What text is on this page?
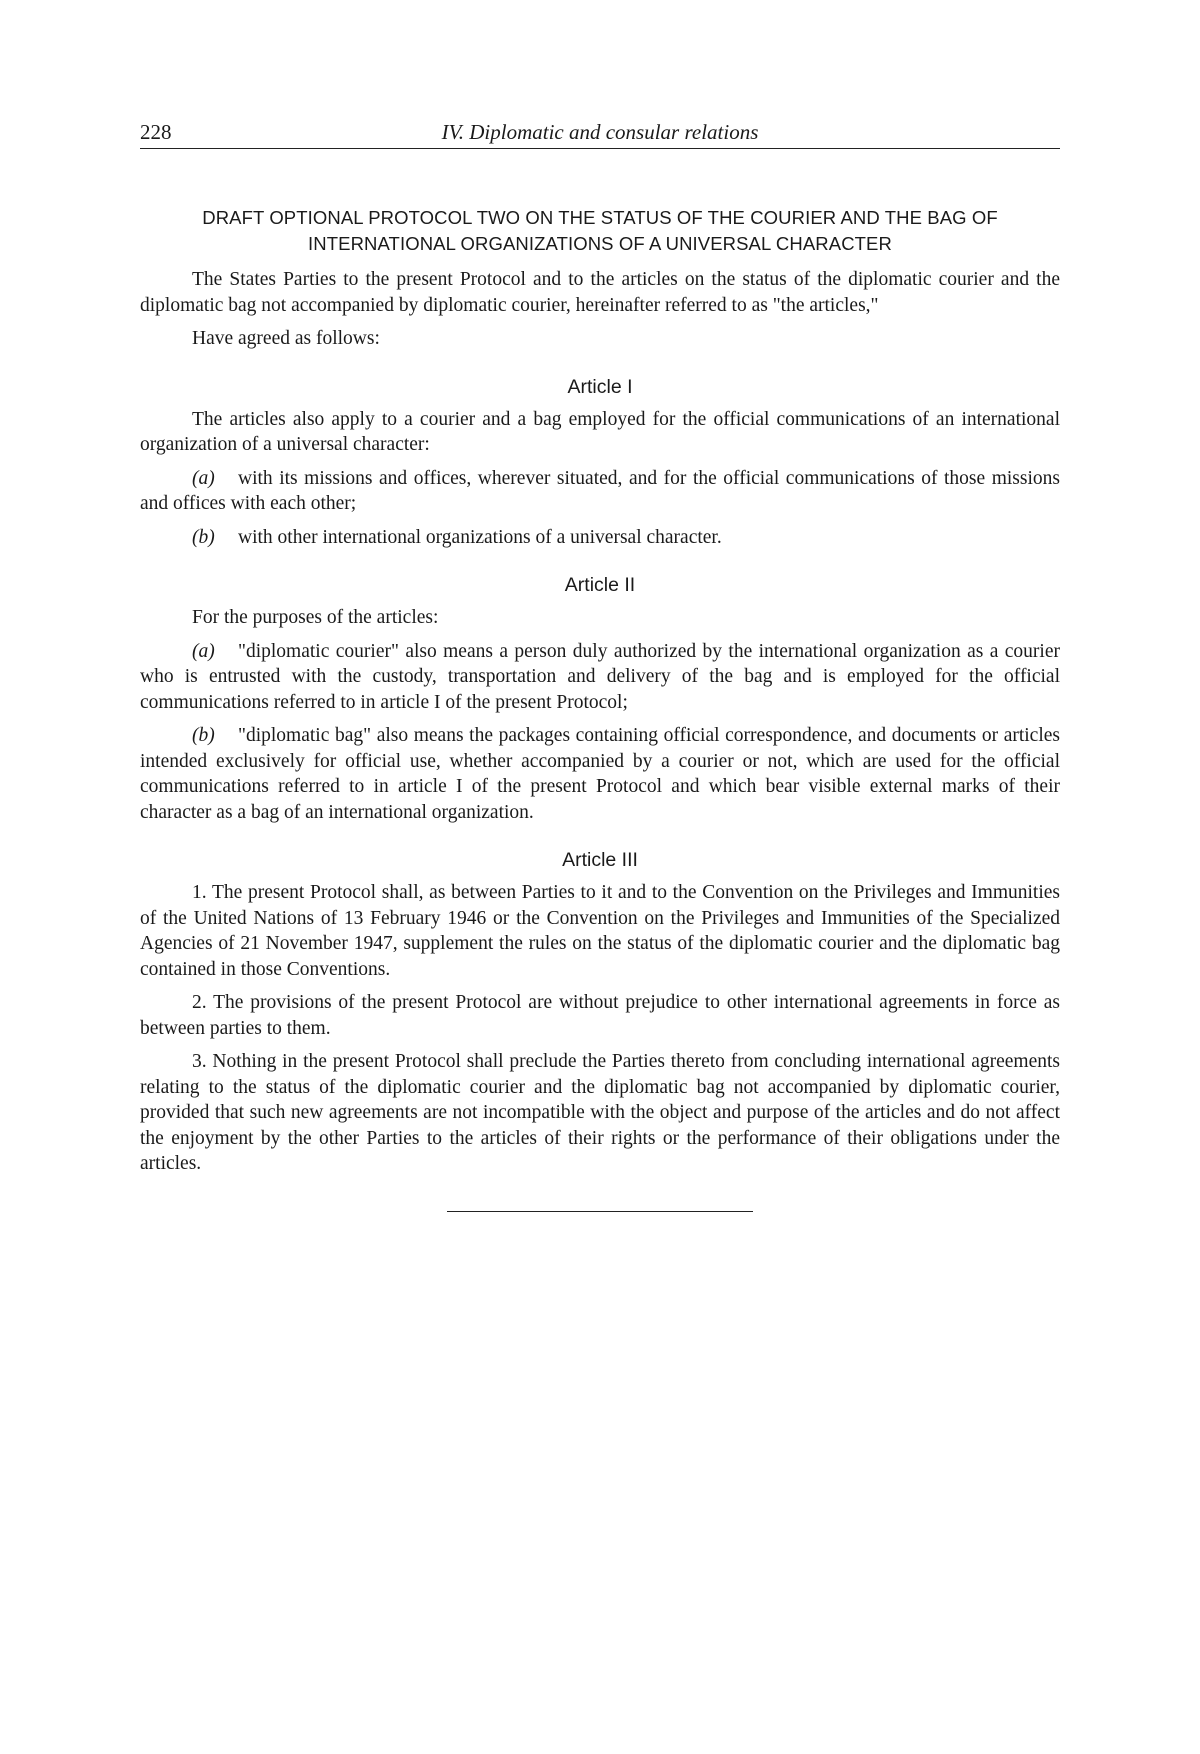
228	IV. Diplomatic and consular relations
DRAFT OPTIONAL PROTOCOL TWO ON THE STATUS OF THE COURIER AND THE BAG OF
INTERNATIONAL ORGANIZATIONS OF A UNIVERSAL CHARACTER

The States Parties to the present Protocol and to the articles on the status of the diplomatic courier and the diplomatic bag not accompanied by diplomatic courier, hereinafter referred to as "the articles,"

Have agreed as follows:

Article I

The articles also apply to a courier and a bag employed for the official communications of an international organization of a universal character:

(a) with its missions and offices, wherever situated, and for the official communications of those missions and offices with each other;

(b) with other international organizations of a universal character.

Article II

For the purposes of the articles:

(a) "diplomatic courier" also means a person duly authorized by the international organization as a courier who is entrusted with the custody, transportation and delivery of the bag and is employed for the official communications referred to in article I of the present Protocol;

(b) "diplomatic bag" also means the packages containing official correspondence, and documents or articles intended exclusively for official use, whether accompanied by a courier or not, which are used for the official communications referred to in article I of the present Protocol and which bear visible external marks of their character as a bag of an international organization.

Article III

1. The present Protocol shall, as between Parties to it and to the Convention on the Privileges and Immunities of the United Nations of 13 February 1946 or the Convention on the Privileges and Immunities of the Specialized Agencies of 21 November 1947, supplement the rules on the status of the diplomatic courier and the diplomatic bag contained in those Conventions.

2. The provisions of the present Protocol are without prejudice to other international agreements in force as between parties to them.

3. Nothing in the present Protocol shall preclude the Parties thereto from concluding international agreements relating to the status of the diplomatic courier and the diplomatic bag not accompanied by diplomatic courier, provided that such new agreements are not incompatible with the object and purpose of the articles and do not affect the enjoyment by the other Parties to the articles of their rights or the performance of their obligations under the articles.
